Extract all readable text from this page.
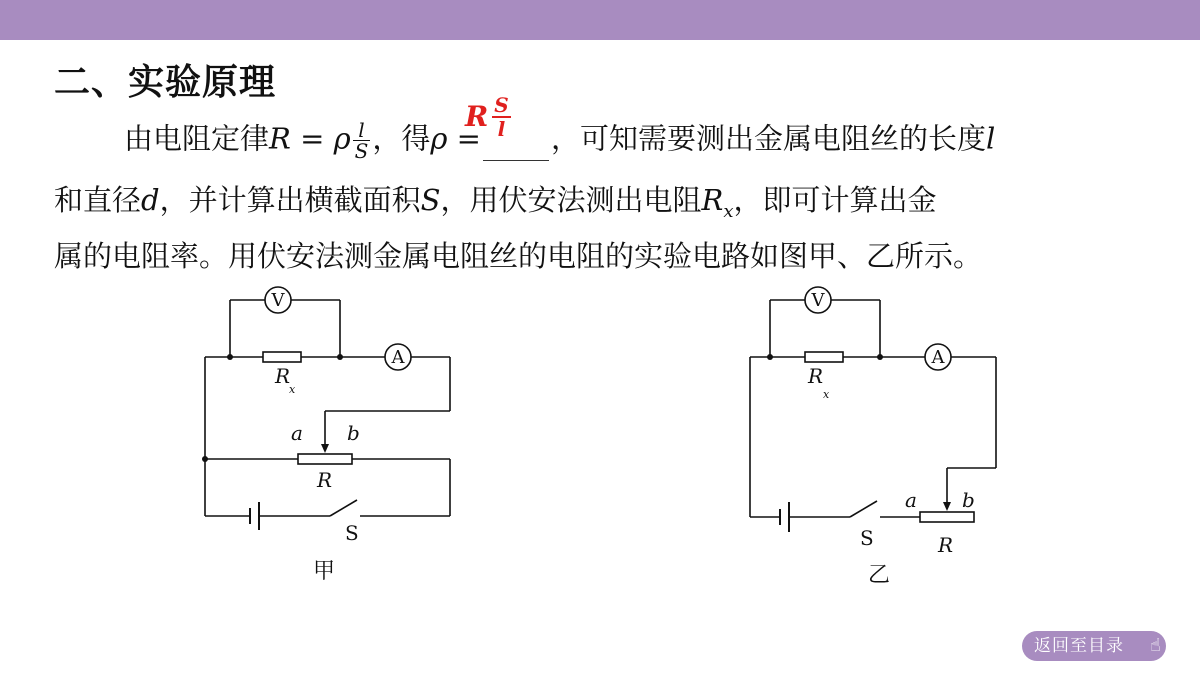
二、实验原理
由电阻定律R = ρ $\frac{l}{S}$ ，得ρ =
R $\frac{S}{l}$ ，可知需要测出金属电阻丝的长度l
和直径d，并计算出横截面积S，用伏安法测出电阻$R_x$，即可计算出金
属的电阻率。用伏安法测金属电阻丝的电阻的实验电路如图甲、乙所示。
V
A
R
x
a b
R
S
甲
V
A
R
x
a b
R
S
乙
返回至目录 ☝
